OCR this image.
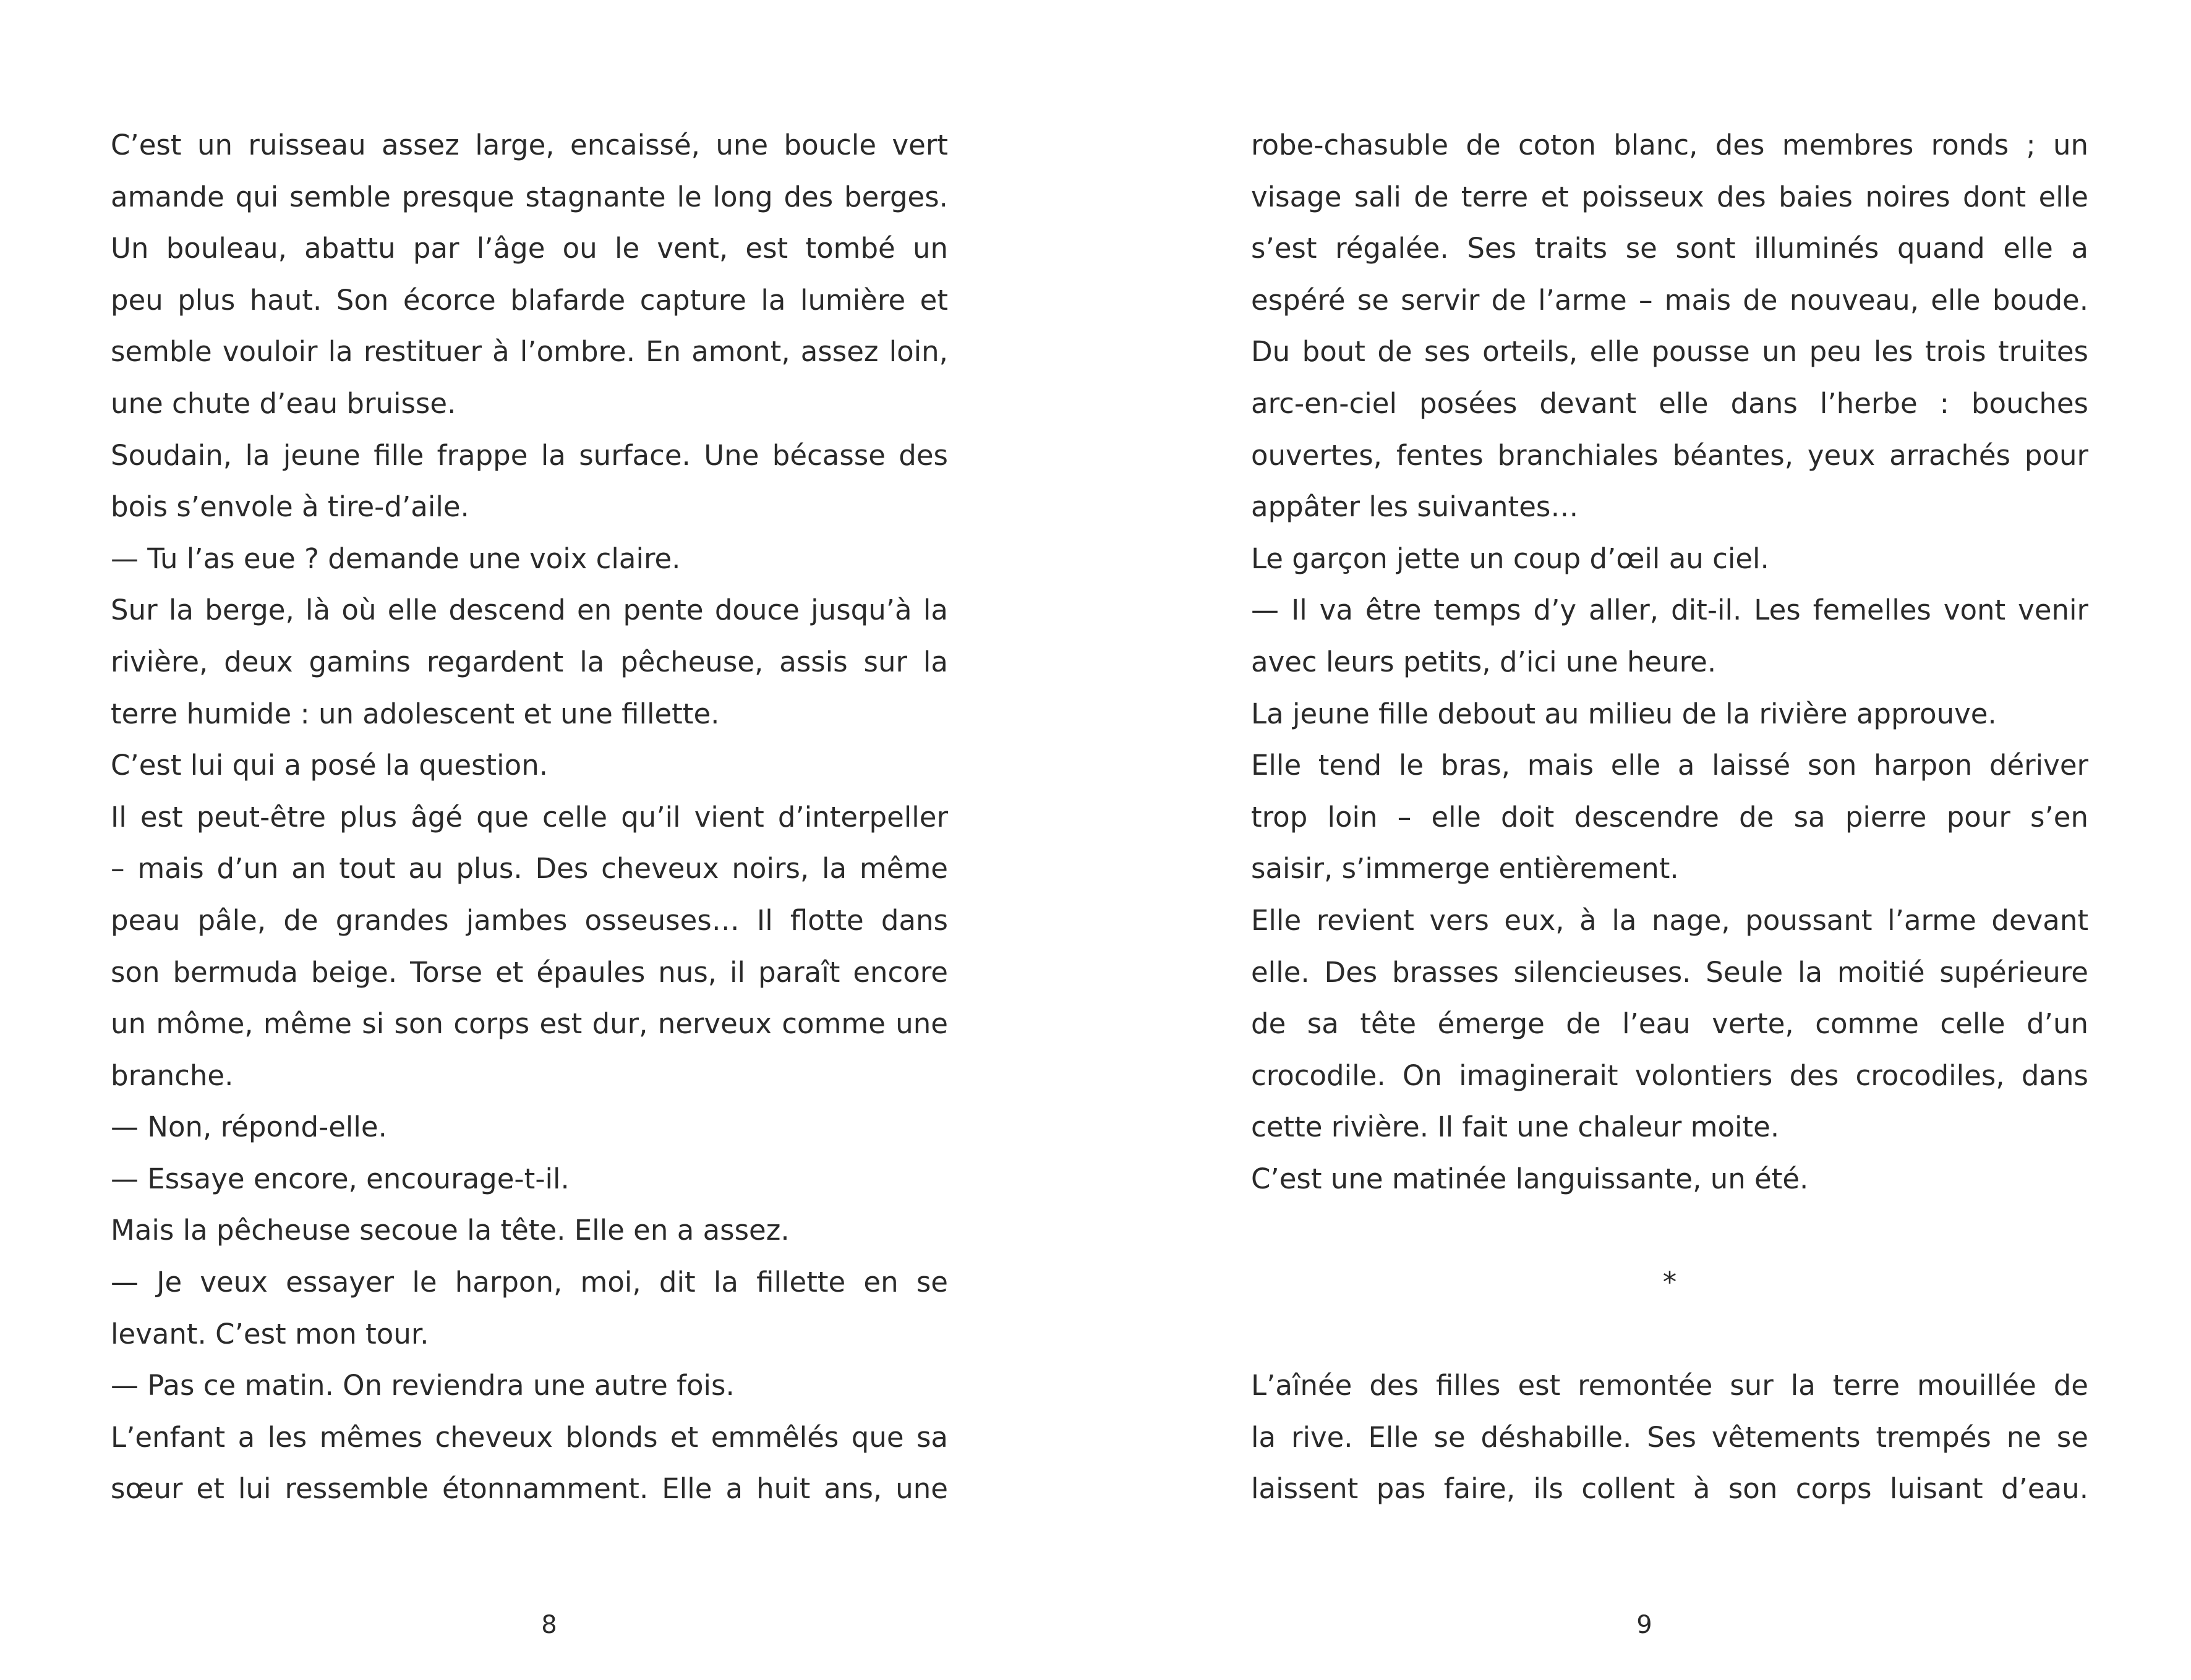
C’est un ruisseau assez large, encaissé, une boucle vert
amande qui semble presque stagnante le long des berges.
Un bouleau, abattu par l’âge ou le vent, est tombé un
peu plus haut. Son écorce blafarde capture la lumière et
semble vouloir la restituer à l’ombre. En amont, assez loin,
une chute d’eau bruisse.
Soudain, la jeune fille frappe la surface. Une bécasse des
bois s’envole à tire-d’aile.
— Tu l’as eue ? demande une voix claire.
Sur la berge, là où elle descend en pente douce jusqu’à la
rivière, deux gamins regardent la pêcheuse, assis sur la
terre humide : un adolescent et une fillette.
C’est lui qui a posé la question.
Il est peut-être plus âgé que celle qu’il vient d’interpeller
– mais d’un an tout au plus. Des cheveux noirs, la même
peau pâle, de grandes jambes osseuses… Il flotte dans
son bermuda beige. Torse et épaules nus, il paraît encore
un môme, même si son corps est dur, nerveux comme une
branche.
— Non, répond-elle.
— Essaye encore, encourage-t-il.
Mais la pêcheuse secoue la tête. Elle en a assez.
— Je veux essayer le harpon, moi, dit la fillette en se
levant. C’est mon tour.
— Pas ce matin. On reviendra une autre fois.
L’enfant a les mêmes cheveux blonds et emmêlés que sa
sœur et lui ressemble étonnamment. Elle a huit ans, une
8
robe-chasuble de coton blanc, des membres ronds ; un
visage sali de terre et poisseux des baies noires dont elle
s’est régalée. Ses traits se sont illuminés quand elle a
espéré se servir de l’arme – mais de nouveau, elle boude.
Du bout de ses orteils, elle pousse un peu les trois truites
arc-en-ciel posées devant elle dans l’herbe : bouches
ouvertes, fentes branchiales béantes, yeux arrachés pour
appâter les suivantes…
Le garçon jette un coup d’œil au ciel.
— Il va être temps d’y aller, dit-il. Les femelles vont venir
avec leurs petits, d’ici une heure.
La jeune fille debout au milieu de la rivière approuve.
Elle tend le bras, mais elle a laissé son harpon dériver
trop loin – elle doit descendre de sa pierre pour s’en
saisir, s’immerge entièrement.
Elle revient vers eux, à la nage, poussant l’arme devant
elle. Des brasses silencieuses. Seule la moitié supérieure
de sa tête émerge de l’eau verte, comme celle d’un
crocodile. On imaginerait volontiers des crocodiles, dans
cette rivière. Il fait une chaleur moite.
C’est une matinée languissante, un été.
*
L’aînée des filles est remontée sur la terre mouillée de
la rive. Elle se déshabille. Ses vêtements trempés ne se
laissent pas faire, ils collent à son corps luisant d’eau.
9
